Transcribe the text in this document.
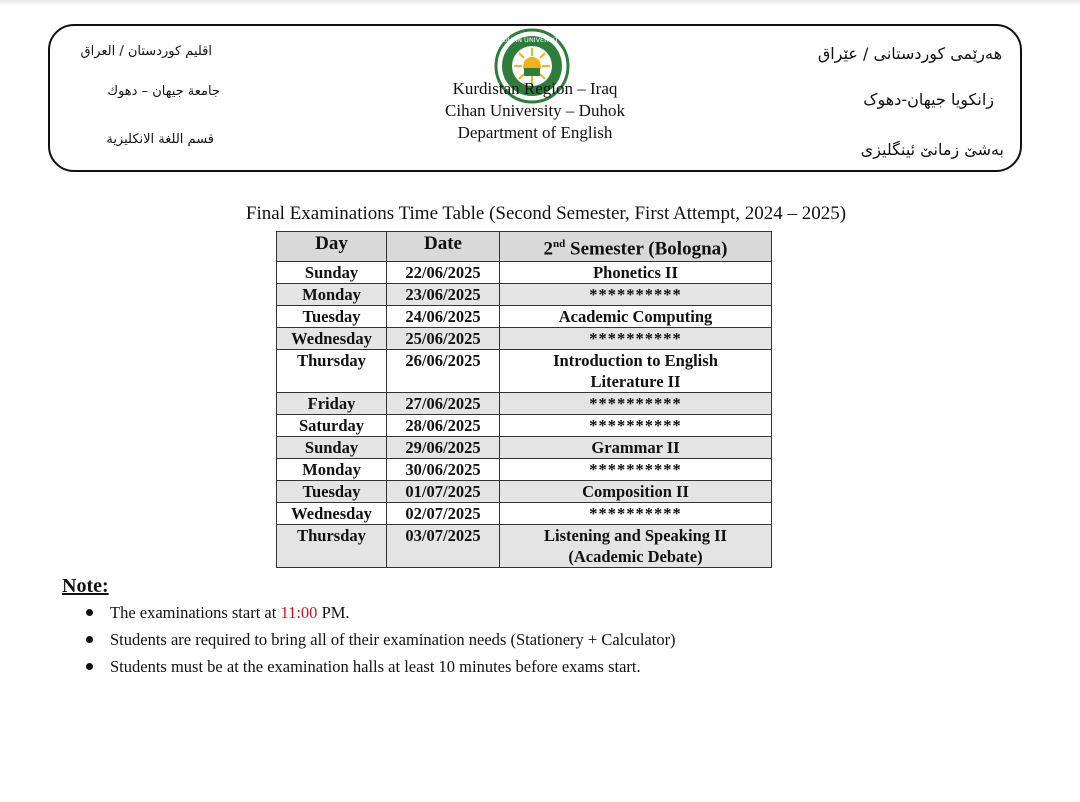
اقليم كوردستان / العراق
جامعة جيهان – دهوك
قسم اللغة الانكليزية
CIHAN UNIVERSITY
Kurdistan Region – Iraq
Cihan University – Duhok
Department of English
هەرێمی کوردستانی / عێراق
زانکویا جیهان-دهوک
بەشێ زمانێ ئینگلیزی
Final Examinations Time Table (Second Semester, First Attempt, 2024 – 2025)
Day	Date	2nd Semester (Bologna)
Sunday	22/06/2025	Phonetics II

Monday	23/06/2025	**********

Tuesday	24/06/2025	Academic Computing

Wednesday	25/06/2025	**********

Thursday	26/06/2025	Introduction to English
Literature II

Friday	27/06/2025	**********

Saturday	28/06/2025	**********

Sunday	29/06/2025	Grammar II

Monday	30/06/2025	**********

Tuesday	01/07/2025	Composition II

Wednesday	02/07/2025	**********

Thursday	03/07/2025	Listening and Speaking II
(Academic Debate)
Note:
The examinations start at 11:00 PM.
Students are required to bring all of their examination needs (Stationery + Calculator)
Students must be at the examination halls at least 10 minutes before exams start.
